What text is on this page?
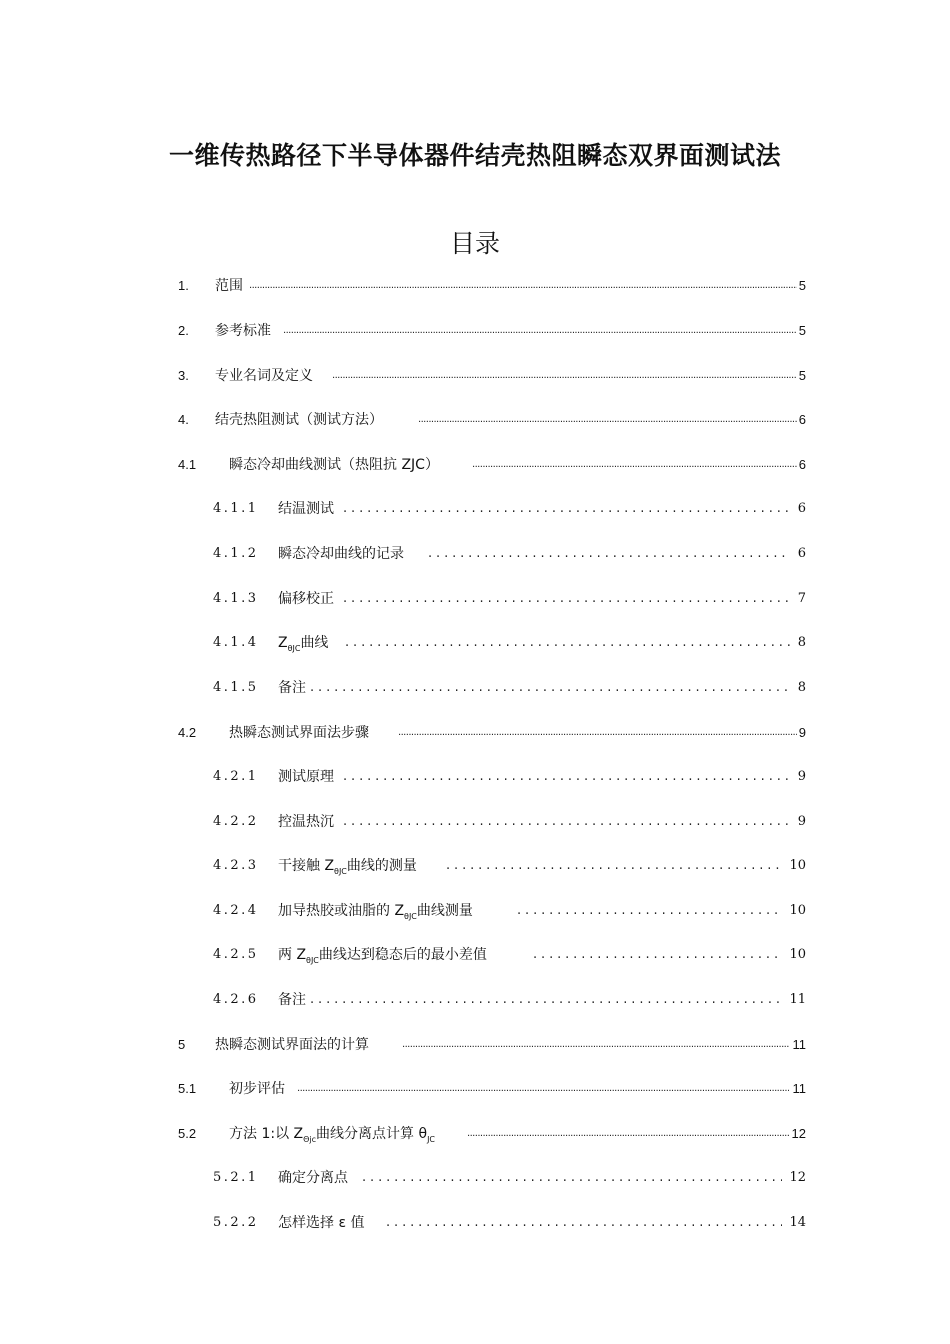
一维传热路径下半导体器件结壳热阻瞬态双界面测试法
目录
1. 范围 .....	5
2. 参考标准 .....	5
3. 专业名词及定义 .....	5
4. 结壳热阻测试（测试方法） .....	6
4.1 瞬态冷却曲线测试（热阻抗 ZJC） .....	6
4.1.1 结温测试 .....	6
4.1.2 瞬态冷却曲线的记录 .....	6
4.1.3 偏移校正 .....	7
4.1.4 $Z_{\theta JC}$曲线 .....	8
4.1.5 备注 .....	8
4.2 热瞬态测试界面法步骤 .....	9
4.2.1 测试原理 .....	9
4.2.2 控温热沉 .....	9
4.2.3 干接触 $Z_{\theta JC}$曲线的测量 .....	10
4.2.4 加导热胶或油脂的 $Z_{\theta JC}$曲线测量 .....	10
4.2.5 两 $Z_{\theta JC}$曲线达到稳态后的最小差值 .....	10
4.2.6 备注 .....	11
5 热瞬态测试界面法的计算 .....	11
5.1 初步评估 .....	11
5.2 方法 1:以 $Z_{\Theta jc}$曲线分离点计算 $\theta_{JC}$ .....	12
5.2.1 确定分离点 .....	12
5.2.2 怎样选择 ε 值 .....	14
